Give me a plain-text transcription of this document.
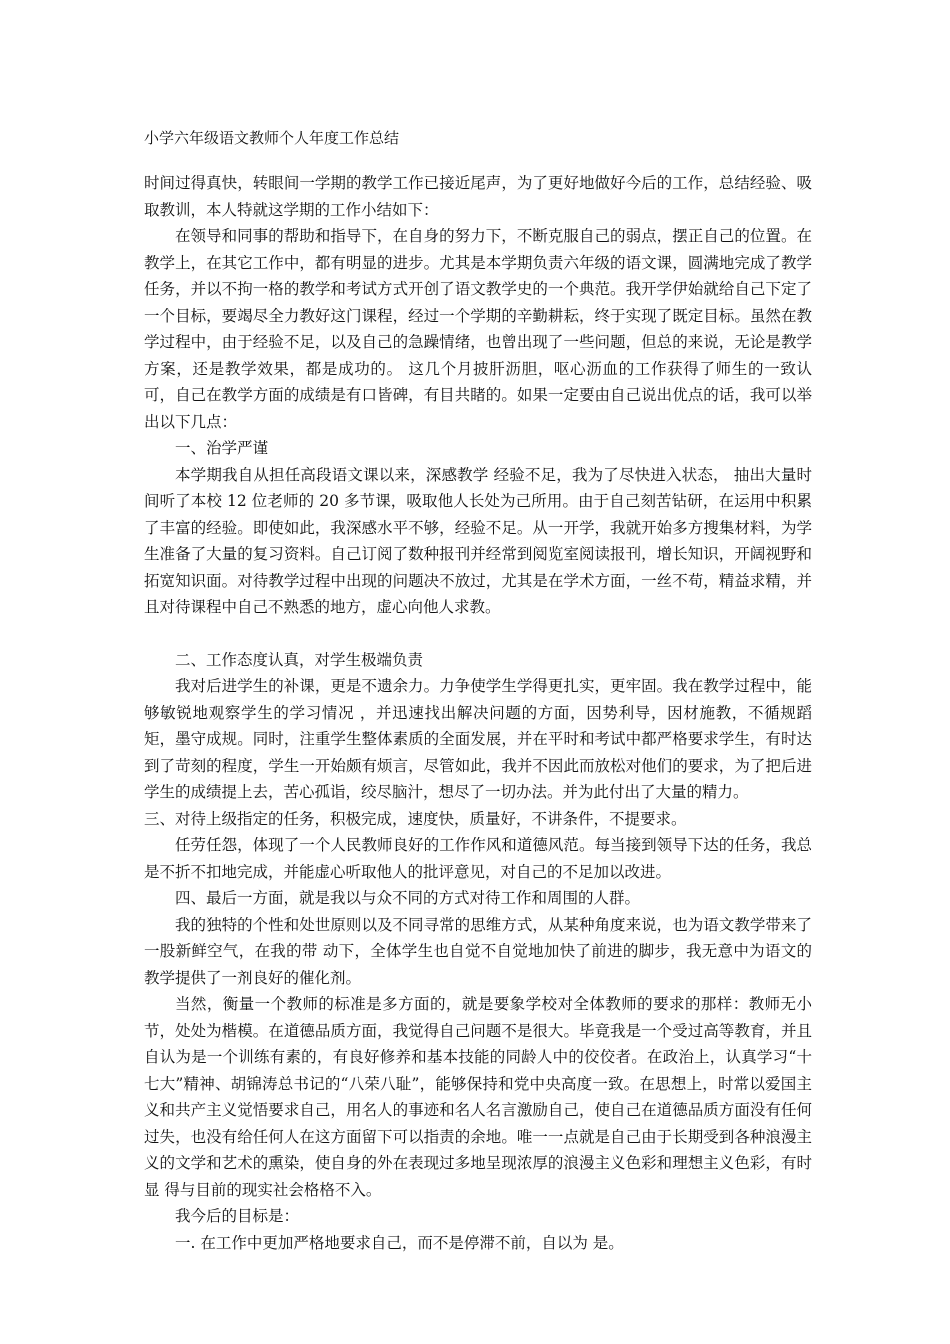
小学六年级语文教师个人年度工作总结

时间过得真快，转眼间一学期的教学工作已接近尾声，为了更好地做好今后的工作，总结经验、吸取教训，本人特就这学期的工作小结如下：

在领导和同事的帮助和指导下，在自身的努力下，不断克服自己的弱点，摆正自己的位置。在教学上，在其它工作中，都有明显的进步。尤其是本学期负责六年级的语文课，圆满地完成了教学任务，并以不拘一格的教学和考试方式开创了语文教学史的一个典范。我开学伊始就给自己下定了一个目标，要竭尽全力教好这门课程，经过一个学期的辛勤耕耘，终于实现了既定目标。虽然在教学过程中，由于经验不足，以及自己的急躁情绪，也曾出现了一些问题，但总的来说，无论是教学方案，还是教学效果，都是成功的。 这几个月披肝沥胆，呕心沥血的工作获得了师生的一致认可，自己在教学方面的成绩是有口皆碑，有目共睹的。如果一定要由自己说出优点的话，我可以举出以下几点：

一、治学严谨

本学期我自从担任高段语文课以来，深感教学 经验不足，我为了尽快进入状态， 抽出大量时间听了本校 12 位老师的 20 多节课，吸取他人长处为己所用。由于自己刻苦钻研，在运用中积累了丰富的经验。即使如此，我深感水平不够，经验不足。从一开学，我就开始多方搜集材料，为学生准备了大量的复习资料。自己订阅了数种报刊并经常到阅览室阅读报刊，增长知识，开阔视野和拓宽知识面。对待教学过程中出现的问题决不放过，尤其是在学术方面，一丝不苟，精益求精，并且对待课程中自己不熟悉的地方，虚心向他人求教。

二、工作态度认真，对学生极端负责

我对后进学生的补课，更是不遗余力。力争使学生学得更扎实，更牢固。我在教学过程中，能够敏锐地观察学生的学习情况 ，并迅速找出解决问题的方面，因势利导，因材施教，不循规蹈矩，墨守成规。同时，注重学生整体素质的全面发展，并在平时和考试中都严格要求学生，有时达到了苛刻的程度，学生一开始颇有烦言，尽管如此，我并不因此而放松对他们的要求，为了把后进学生的成绩提上去，苦心孤诣，绞尽脑汁，想尽了一切办法。并为此付出了大量的精力。

三、对待上级指定的任务，积极完成，速度快，质量好，不讲条件，不提要求。

任劳任怨，体现了一个人民教师良好的工作作风和道德风范。每当接到领导下达的任务，我总是不折不扣地完成，并能虚心听取他人的批评意见，对自己的不足加以改进。

四、最后一方面，就是我以与众不同的方式对待工作和周围的人群。

我的独特的个性和处世原则以及不同寻常的思维方式，从某种角度来说，也为语文教学带来了一股新鲜空气，在我的带 动下，全体学生也自觉不自觉地加快了前进的脚步，我无意中为语文的教学提供了一剂良好的催化剂。

当然，衡量一个教师的标准是多方面的，就是要象学校对全体教师的要求的那样：教师无小节，处处为楷模。在道德品质方面，我觉得自己问题不是很大。毕竟我是一个受过高等教育，并且自认为是一个训练有素的，有良好修养和基本技能的同龄人中的佼佼者。在政治上，认真学习“十七大”精神、胡锦涛总书记的“八荣八耻”，能够保持和党中央高度一致。在思想上，时常以爱国主义和共产主义觉悟要求自己，用名人的事迹和名人名言激励自己，使自己在道德品质方面没有任何过失，也没有给任何人在这方面留下可以指责的余地。唯一一点就是自己由于长期受到各种浪漫主义的文学和艺术的熏染，使自身的外在表现过多地呈现浓厚的浪漫主义色彩和理想主义色彩，有时显 得与目前的现实社会格格不入。

我今后的目标是：

一. 在工作中更加严格地要求自己，而不是停滞不前，自以为 是。
